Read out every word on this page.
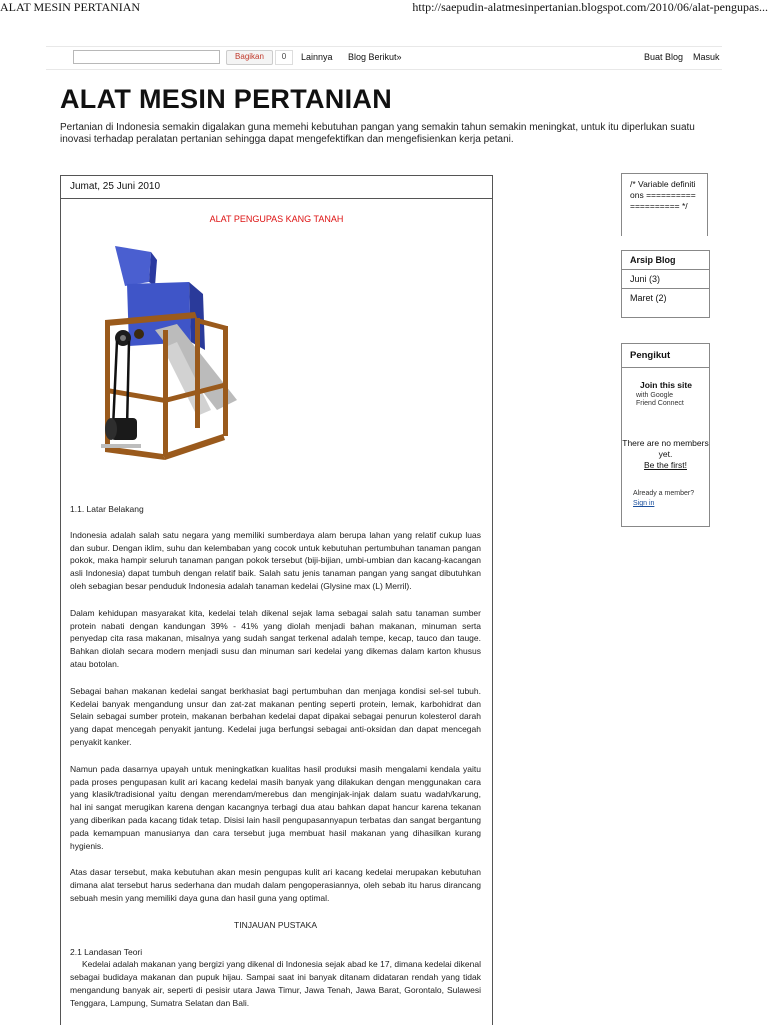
ALAT MESIN PERTANIAN	http://saepudin-alatmesinpertanian.blogspot.com/2010/06/alat-pengupas...
Bagikan	0	Lainnya Blog Berikut»	Buat Blog Masuk
ALAT MESIN PERTANIAN

Pertanian di Indonesia semakin digalakan guna memehi kebutuhan pangan yang semakin tahun semakin meningkat, untuk itu diperlukan suatu inovasi terhadap peralatan pertanian sehingga dapat mengefektifkan dan mengefisienkan kerja petani.

Jumat, 25 Juni 2010
ALAT PENGUPAS KANG TANAH

1.1. Latar Belakang

Indonesia adalah salah satu negara yang memiliki sumberdaya alam berupa lahan yang relatif cukup luas dan subur. Dengan iklim, suhu dan kelembaban yang cocok untuk kebutuhan pertumbuhan tanaman pangan pokok, maka hampir seluruh tanaman pangan pokok tersebut (biji-bijian, umbi-umbian dan kacang-kacangan asli Indonesia) dapat tumbuh dengan relatif baik. Salah satu jenis tanaman pangan yang sangat dibutuhkan oleh sebagian besar penduduk Indonesia adalah tanaman kedelai (Glysine max (L) Merril).

Dalam kehidupan masyarakat kita, kedelai telah dikenal sejak lama sebagai salah satu tanaman sumber protein nabati dengan kandungan 39% - 41% yang diolah menjadi bahan makanan, minuman serta penyedap cita rasa makanan, misalnya yang sudah sangat terkenal adalah tempe, kecap, tauco dan tauge. Bahkan diolah secara modern menjadi susu dan minuman sari kedelai yang dikemas dalam karton khusus atau botolan.

Sebagai bahan makanan kedelai sangat berkhasiat bagi pertumbuhan dan menjaga kondisi sel-sel tubuh. Kedelai banyak mengandung unsur dan zat-zat makanan penting seperti protein, lemak, karbohidrat dan Selain sebagai sumber protein, makanan berbahan kedelai dapat dipakai sebagai penurun kolesterol darah yang dapat mencegah penyakit jantung. Kedelai juga berfungsi sebagai anti-oksidan dan dapat mencegah penyakit kanker.

Namun pada dasarnya upayah untuk meningkatkan kualitas hasil produksi masih mengalami kendala yaitu pada proses pengupasan kulit ari kacang kedelai masih banyak yang dilakukan dengan menggunakan cara yang klasik/tradisional yaitu dengan merendam/merebus dan menginjak-injak dalam suatu wadah/karung, hal ini sangat merugikan karena dengan kacangnya terbagi dua atau bahkan dapat hancur karena tekanan yang diberikan pada kacang tidak tetap. Disisi lain hasil pengupasannyapun terbatas dan sangat bergantung pada kemampuan manusianya dan cara tersebut juga membuat hasil makanan yang dihasilkan kurang hygienis.

Atas dasar tersebut, maka kebutuhan akan mesin pengupas kulit ari kacang kedelai merupakan kebutuhan dimana alat tersebut harus sederhana dan mudah dalam pengoperasiannya, oleh sebab itu harus dirancang sebuah mesin yang memiliki daya guna dan hasil guna yang optimal.

TINJAUAN PUSTAKA

2.1 Landasan Teori

Kedelai adalah makanan yang bergizi yang dikenal di Indonesia sejak abad ke 17, dimana kedelai dikenal sebagai budidaya makanan dan pupuk hijau. Sampai saat ini banyak ditanam didataran rendah yang tidak mengandung banyak air, seperti di pesisir utara Jawa Timur, Jawa Tenah, Jawa Barat, Gorontalo, Sulawesi Tenggara, Lampung, Sumatra Selatan dan Bali.

/* Variable definitions ==================== */
Arsip Blog
Juni (3)
Maret (2)
Pengikut
Join this site
with Google
Friend Connect
There are no members yet.
Be the first!
Already a member? Sign in
